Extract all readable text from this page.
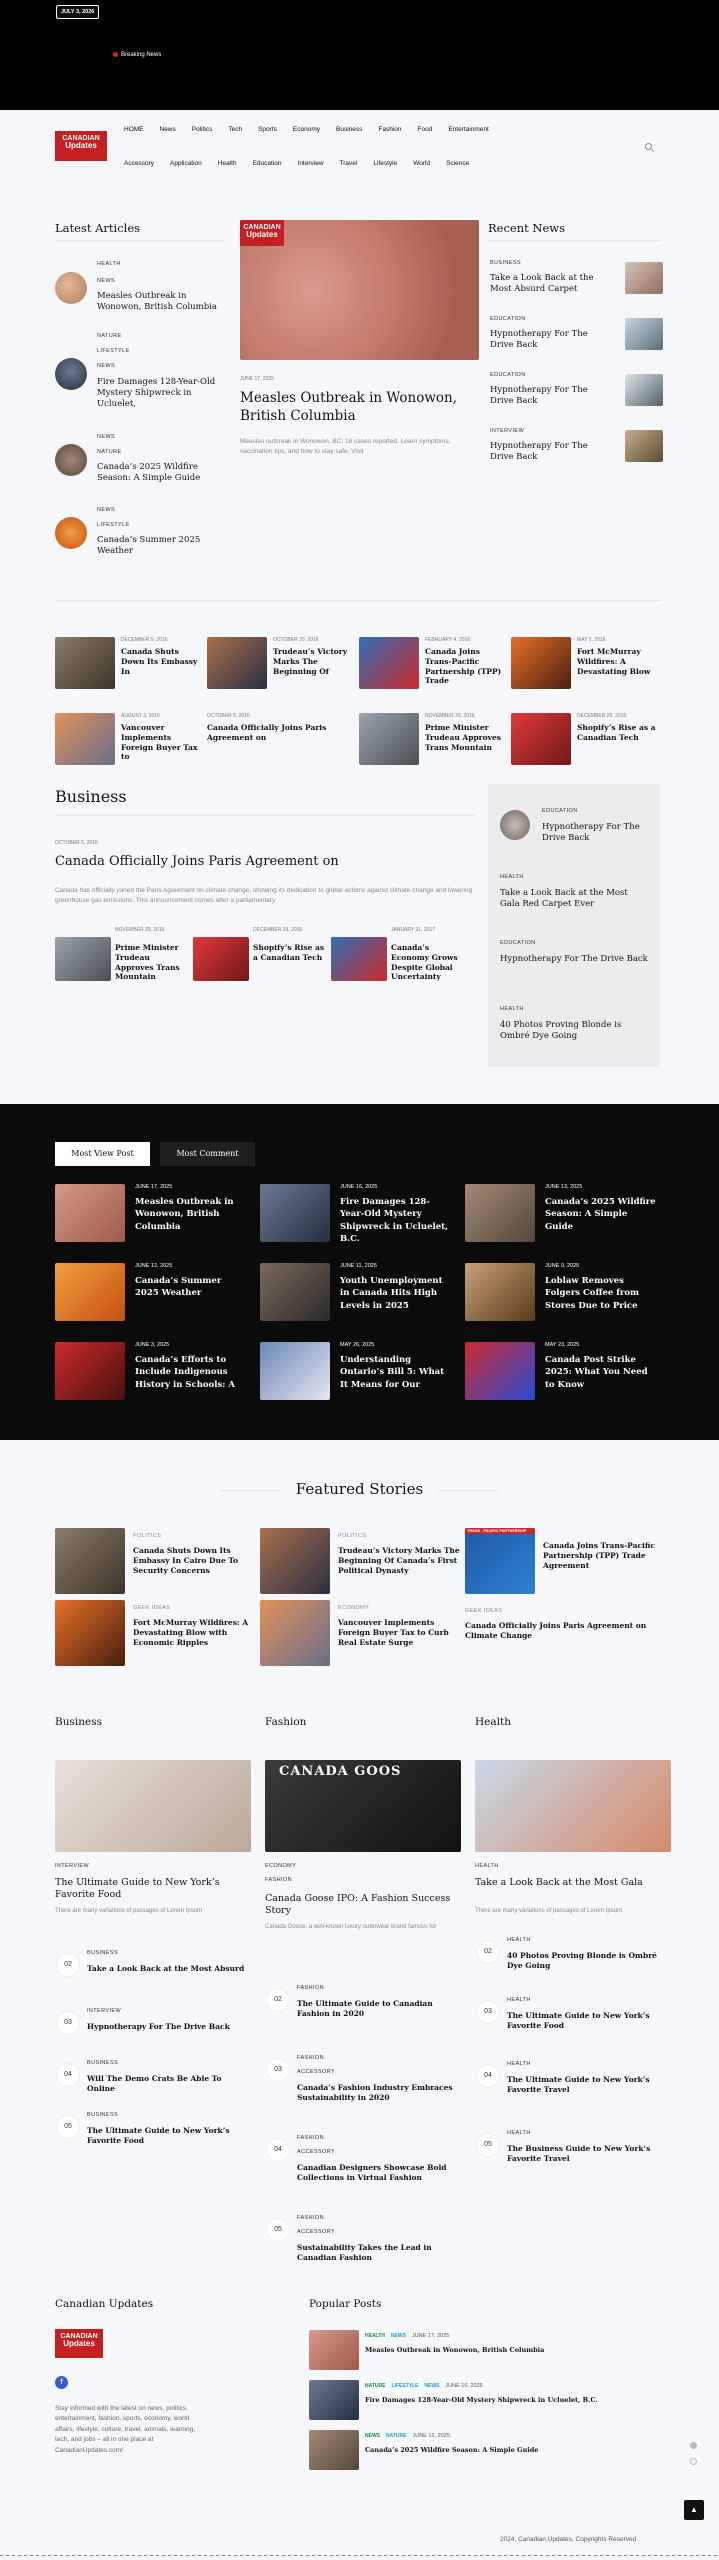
JULY 3, 2026
Breaking News
CANADIAN
Updates
HOME News Politics Tech Sports Economy Business Fashion Food Entertainment
Accessory Application Health Education Interview Travel Lifestyle World Science
Latest Articles
HEALTH
NEWS
Measles Outbreak in Wonowon, British Columbia
NATURE
LIFESTYLE
NEWS
Fire Damages 128-Year-Old Mystery Shipwreck in Ucluelet,
NEWS
NATURE
Canada’s 2025 Wildfire Season: A Simple Guide
NEWS
LIFESTYLE
Canada’s Summer 2025 Weather
CANADIAN
Updates
JUNE 17, 2025
Measles Outbreak in Wonowon, British Columbia
Measles outbreak in Wonowon, BC: 18 cases reported. Learn symptoms, vaccination tips, and how to stay safe. Visit
Recent News
BUSINESS
Take a Look Back at the Most Absurd Carpet
EDUCATION
Hypnotherapy For The Drive Back
EDUCATION
Hypnotherapy For The Drive Back
INTERVIEW
Hypnotherapy For The Drive Back
DECEMBER 9, 2016
Canada Shuts Down Its Embassy In
OCTOBER 20, 2016
Trudeau’s Victory Marks The Beginning Of
FEBRUARY 4, 2016
Canada Joins Trans-Pacific Partnership (TPP) Trade
MAY 1, 2016
Fort McMurray Wildfires: A Devastating Blow
AUGUST 3, 2016
Vancouver Implements Foreign Buyer Tax to
OCTOBER 5, 2016
Canada Officially Joins Paris Agreement on
NOVEMBER 29, 2016
Prime Minister Trudeau Approves Trans Mountain
DECEMBER 29, 2016
Shopify’s Rise as a Canadian Tech
Business
OCTOBER 5, 2016
Canada Officially Joins Paris Agreement on
Canada has officially joined the Paris Agreement on climate change, showing its dedication to global actions against climate change and lowering greenhouse gas emissions. This announcement comes after a parliamentary
NOVEMBER 29, 2016
Prime Minister Trudeau Approves Trans Mountain
DECEMBER 29, 2016
Shopify’s Rise as a Canadian Tech
JANUARY 31, 2017
Canada’s Economy Grows Despite Global Uncertainty
EDUCATION
Hypnotherapy For The Drive Back
HEALTH
Take a Look Back at the Most Gala Red Carpet Ever
EDUCATION
Hypnotherapy For The Drive Back
HEALTH
40 Photos Proving Blonde is Ombré Dye Going
Most View Post	Most Comment
JUNE 17, 2025
Measles Outbreak in Wonowon, British Columbia
JUNE 16, 2025
Fire Damages 128-Year-Old Mystery Shipwreck in Ucluelet, B.C.
JUNE 13, 2025
Canada’s 2025 Wildfire Season: A Simple Guide
JUNE 12, 2025
Canada’s Summer 2025 Weather
JUNE 11, 2025
Youth Unemployment in Canada Hits High Levels in 2025
JUNE 9, 2025
Loblaw Removes Folgers Coffee from Stores Due to Price
JUNE 3, 2025
Canada’s Efforts to Include Indigenous History in Schools: A
MAY 26, 2025
Understanding Ontario’s Bill 5: What It Means for Our
MAY 23, 2025
Canada Post Strike 2025: What You Need to Know
Featured Stories
POLITICS
Canada Shuts Down Its Embassy In Cairo Due To Security Concerns
POLITICS
Trudeau’s Victory Marks The Beginning Of Canada’s First Political Dynasty
TRANS - PACIFIC PARTNERSHIP
Canada Joins Trans-Pacific Partnership (TPP) Trade Agreement
GEEK IDEAS
Fort McMurray Wildfires: A Devastating Blow with Economic Ripples
ECONOMY
Vancouver Implements Foreign Buyer Tax to Curb Real Estate Surge
GEEK IDEAS
Canada Officially Joins Paris Agreement on Climate Change
Business
INTERVIEW
The Ultimate Guide to New York’s Favorite Food
There are many variations of passages of Lorem Ipsum
02
BUSINESS
Take a Look Back at the Most Absurd
03
INTERVIEW
Hypnotherapy For The Drive Back
04
BUSINESS
Will The Demo Crats Be Able To Online
05
BUSINESS
The Ultimate Guide to New York’s Favorite Food
Fashion
CANADA GOOS
ECONOMY
FASHION
Canada Goose IPO: A Fashion Success Story
Canada Goose, a well-known luxury outerwear brand famous for
02
FASHION
The Ultimate Guide to Canadian Fashion in 2020
03
FASHION
ACCESSORY
Canada’s Fashion Industry Embraces Sustainability in 2020
04
FASHION
ACCESSORY
Canadian Designers Showcase Bold Collections in Virtual Fashion
05
FASHION
ACCESSORY
Sustainability Takes the Lead in Canadian Fashion
Health
HEALTH
Take a Look Back at the Most Gala
There are many variations of passages of Lorem Ipsum
02
HEALTH
40 Photos Proving Blonde is Ombré Dye Going
03
HEALTH
The Ultimate Guide to New York’s Favorite Food
04
HEALTH
The Ultimate Guide to New York’s Favorite Travel
05
HEALTH
The Business Guide to New York’s Favorite Travel
Canadian Updates
CANADIAN
Updates
f
Stay informed with the latest on news, politics, entertainment, fashion, sports, economy, world affairs, lifestyle, culture, travel, animals, learning, tech, and jobs – all in one place at CanadianUpdates.com!
Popular Posts
HEALTH NEWS JUNE 17, 2025
Measles Outbreak in Wonowon, British Columbia
NATURE LIFESTYLE NEWS JUNE 16, 2025
Fire Damages 128-Year-Old Mystery Shipwreck in Ucluelet, B.C.
NEWS NATURE JUNE 13, 2025
Canada’s 2025 Wildfire Season: A Simple Guide
▲
2024, Canadian Updates, Copyrights Reserved
